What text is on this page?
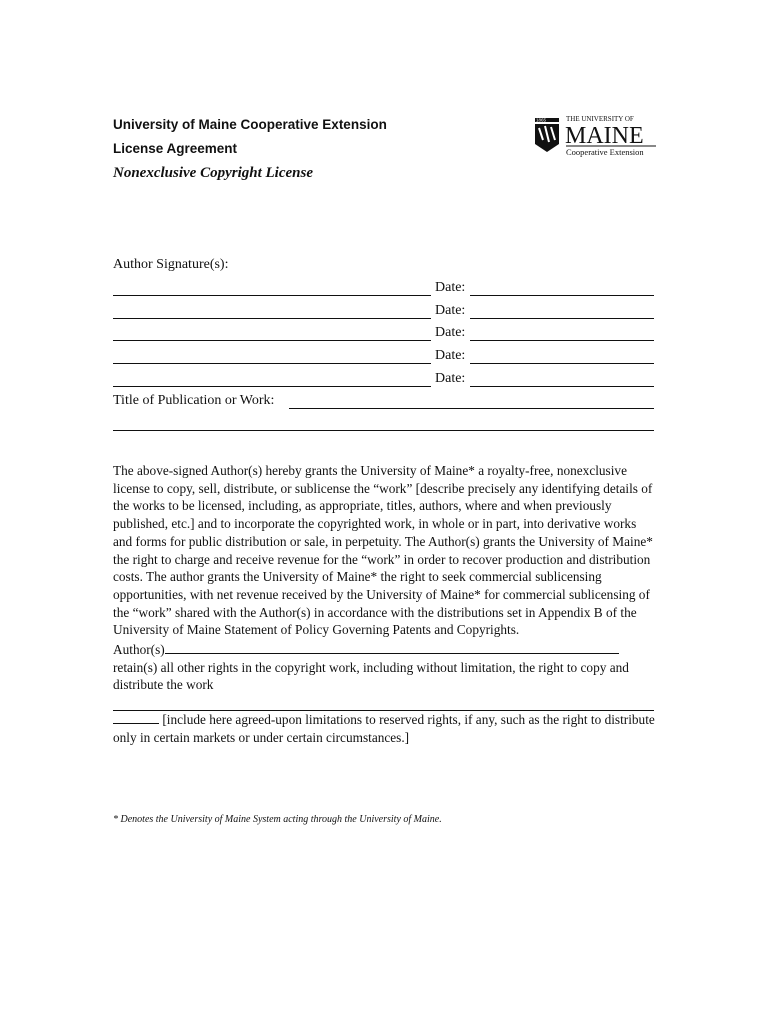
University of Maine Cooperative Extension
License Agreement
Nonexclusive Copyright License
1865	THE UNIVERSITY OF
MAINE
Cooperative Extension
Author Signature(s):
Date:
Date:
Date:
Date:
Date:
Title of Publication or Work:

The above-signed Author(s) hereby grants the University of Maine* a royalty-free, nonexclusive license to copy, sell, distribute, or sublicense the “work” [describe precisely any identifying details of the works to be licensed, including, as appropriate, titles, authors, where and when previously published, etc.] and to incorporate the copyrighted work, in whole or in part, into derivative works and forms for public distribution or sale, in perpetuity. The Author(s) grants the University of Maine* the right to charge and receive revenue for the “work” in order to recover production and distribution costs. The author grants the University of Maine* the right to seek commercial sublicensing opportunities, with net revenue received by the University of Maine* for commercial sublicensing of the “work” shared with the Author(s) in accordance with the distributions set in Appendix B of the University of Maine Statement of Policy Governing Patents and Copyrights.

Author(s)

retain(s) all other rights in the copyright work, including without limitation, the right to copy and distribute the work

[include here agreed-upon limitations to reserved rights, if any, such as the right to distribute only in certain markets or under certain circumstances.]

* Denotes the University of Maine System acting through the University of Maine.
